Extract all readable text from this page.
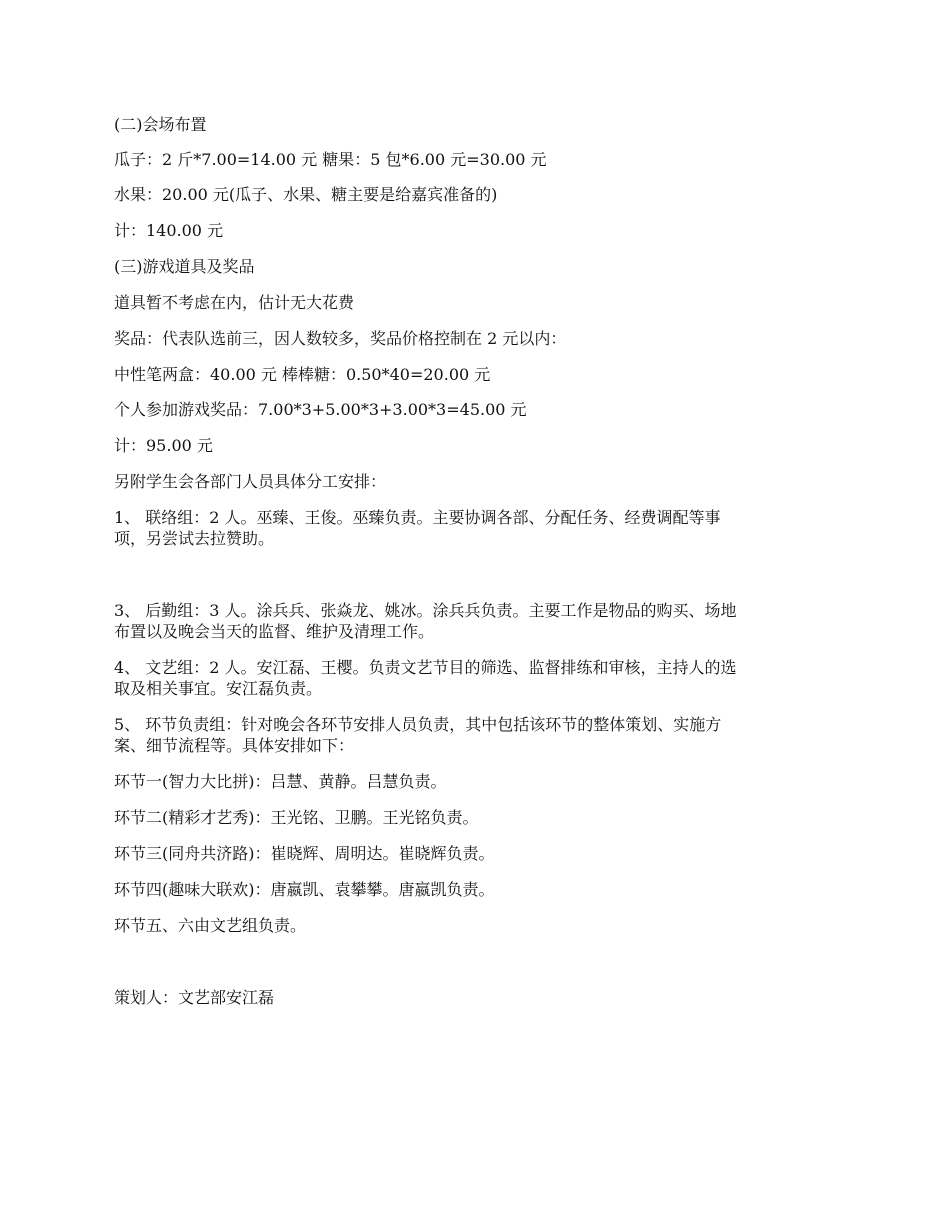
(二)会场布置
瓜子：2 斤*7.00=14.00 元 糖果：5 包*6.00 元=30.00 元
水果：20.00 元(瓜子、水果、糖主要是给嘉宾准备的)
计：140.00 元
(三)游戏道具及奖品
道具暂不考虑在内，估计无大花费
奖品：代表队选前三，因人数较多，奖品价格控制在 2 元以内：
中性笔两盒：40.00 元 棒棒糖：0.50*40=20.00 元
个人参加游戏奖品：7.00*3+5.00*3+3.00*3=45.00 元
计：95.00 元
另附学生会各部门人员具体分工安排：
1、 联络组：2 人。巫臻、王俊。巫臻负责。主要协调各部、分配任务、经费调配等事
项，另尝试去拉赞助。
3、 后勤组：3 人。涂兵兵、张焱龙、姚冰。涂兵兵负责。主要工作是物品的购买、场地
布置以及晚会当天的监督、维护及清理工作。
4、 文艺组：2 人。安江磊、王樱。负责文艺节目的筛选、监督排练和审核，主持人的选
取及相关事宜。安江磊负责。
5、 环节负责组：针对晚会各环节安排人员负责，其中包括该环节的整体策划、实施方
案、细节流程等。具体安排如下：
环节一(智力大比拼)：吕慧、黄静。吕慧负责。
环节二(精彩才艺秀)：王光铭、卫鹏。王光铭负责。
环节三(同舟共济路)：崔晓辉、周明达。崔晓辉负责。
环节四(趣味大联欢)：唐嬴凯、袁攀攀。唐嬴凯负责。
环节五、六由文艺组负责。
策划人：文艺部安江磊
